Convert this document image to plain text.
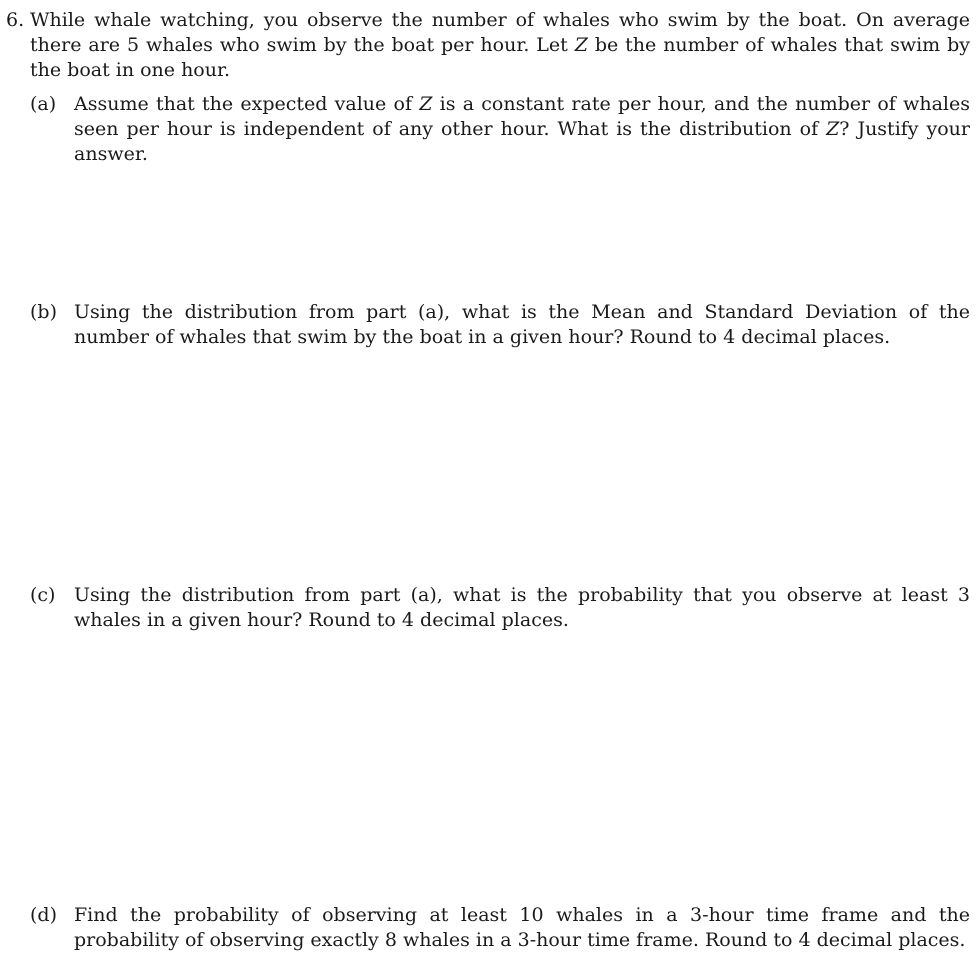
6. While whale watching, you observe the number of whales who swim by the boat. On average there are 5 whales who swim by the boat per hour. Let Z be the number of whales that swim by the boat in one hour.

(a) Assume that the expected value of Z is a constant rate per hour, and the number of whales seen per hour is independent of any other hour. What is the distribution of Z? Justify your answer.

(b) Using the distribution from part (a), what is the Mean and Standard Deviation of the number of whales that swim by the boat in a given hour? Round to 4 decimal places.

(c) Using the distribution from part (a), what is the probability that you observe at least 3 whales in a given hour? Round to 4 decimal places.

(d) Find the probability of observing at least 10 whales in a 3-hour time frame and the probability of observing exactly 8 whales in a 3-hour time frame. Round to 4 decimal places.
